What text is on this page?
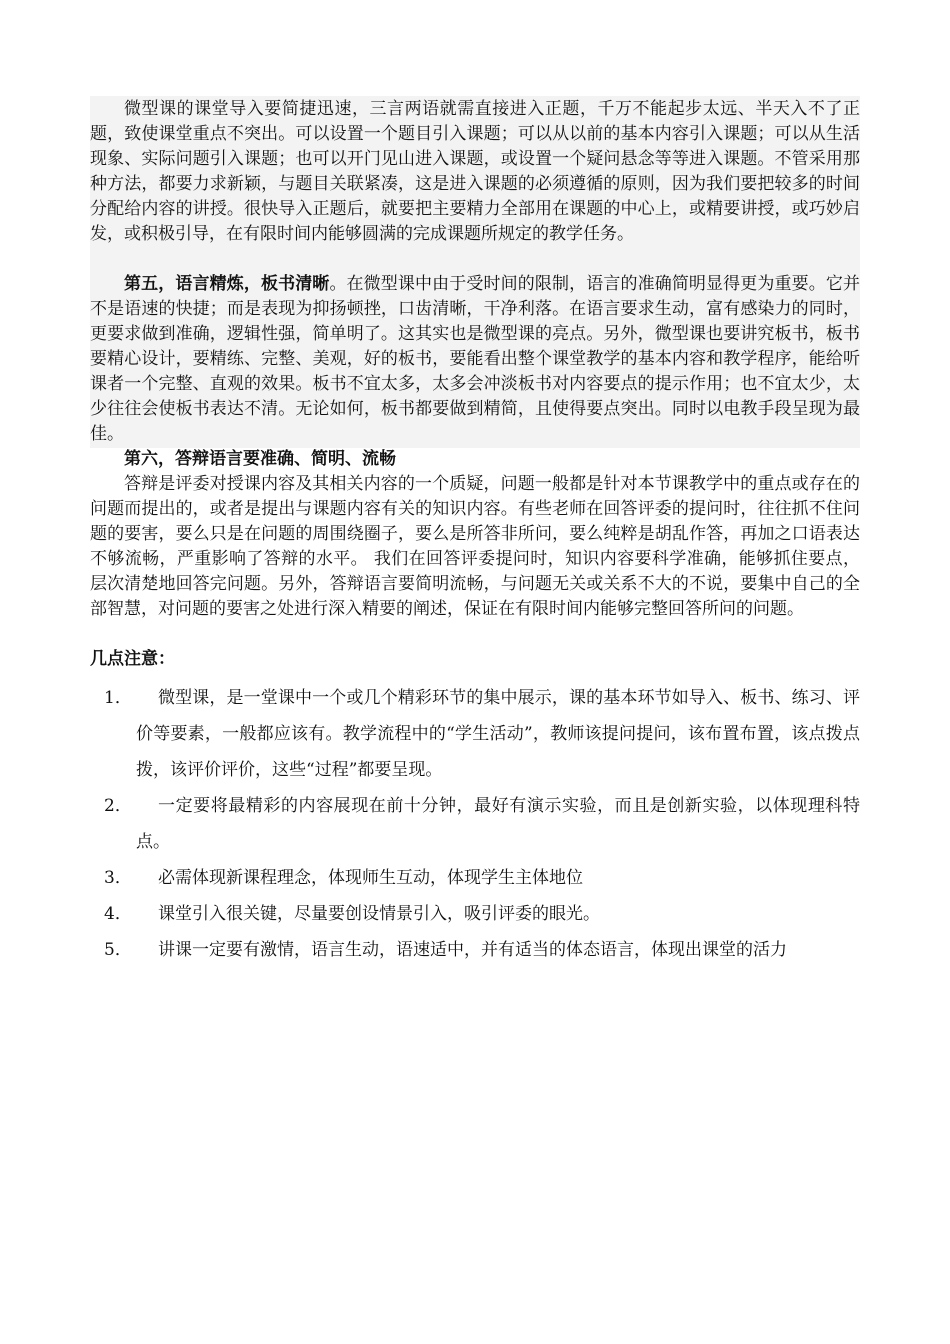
微型课的课堂导入要简捷迅速，三言两语就需直接进入正题，千万不能起步太远、半天入不了正题，致使课堂重点不突出。可以设置一个题目引入课题；可以从以前的基本内容引入课题；可以从生活现象、实际问题引入课题；也可以开门见山进入课题，或设置一个疑问悬念等等进入课题。不管采用那种方法，都要力求新颖，与题目关联紧凑，这是进入课题的必须遵循的原则，因为我们要把较多的时间分配给内容的讲授。很快导入正题后，就要把主要精力全部用在课题的中心上，或精要讲授，或巧妙启发，或积极引导，在有限时间内能够圆满的完成课题所规定的教学任务。

第五，语言精炼，板书清晰。在微型课中由于受时间的限制，语言的准确简明显得更为重要。它并不是语速的快捷；而是表现为抑扬顿挫，口齿清晰，干净利落。在语言要求生动，富有感染力的同时，更要求做到准确，逻辑性强，简单明了。这其实也是微型课的亮点。另外，微型课也要讲究板书，板书要精心设计，要精练、完整、美观，好的板书，要能看出整个课堂教学的基本内容和教学程序，能给听课者一个完整、直观的效果。板书不宜太多，太多会冲淡板书对内容要点的提示作用；也不宜太少，太少往往会使板书表达不清。无论如何，板书都要做到精简，且使得要点突出。同时以电教手段呈现为最佳。

第六，答辩语言要准确、简明、流畅

答辩是评委对授课内容及其相关内容的一个质疑，问题一般都是针对本节课教学中的重点或存在的问题而提出的，或者是提出与课题内容有关的知识内容。有些老师在回答评委的提问时，往往抓不住问题的要害，要么只是在问题的周围绕圈子，要么是所答非所问，要么纯粹是胡乱作答，再加之口语表达不够流畅，严重影响了答辩的水平。 我们在回答评委提问时，知识内容要科学准确，能够抓住要点，层次清楚地回答完问题。另外，答辩语言要简明流畅，与问题无关或关系不大的不说，要集中自己的全部智慧，对问题的要害之处进行深入精要的阐述，保证在有限时间内能够完整回答所问的问题。

几点注意：

1．	微型课，是一堂课中一个或几个精彩环节的集中展示，课的基本环节如导入、板书、练习、评价等要素，一般都应该有。教学流程中的“学生活动”，教师该提问提问，该布置布置，该点拨点拨，该评价评价，这些“过程”都要呈现。
2．	一定要将最精彩的内容展现在前十分钟，最好有演示实验，而且是创新实验，以体现理科特点。
3．	必需体现新课程理念，体现师生互动，体现学生主体地位
4．	课堂引入很关键，尽量要创设情景引入，吸引评委的眼光。
5．	讲课一定要有激情，语言生动，语速适中，并有适当的体态语言，体现出课堂的活力
